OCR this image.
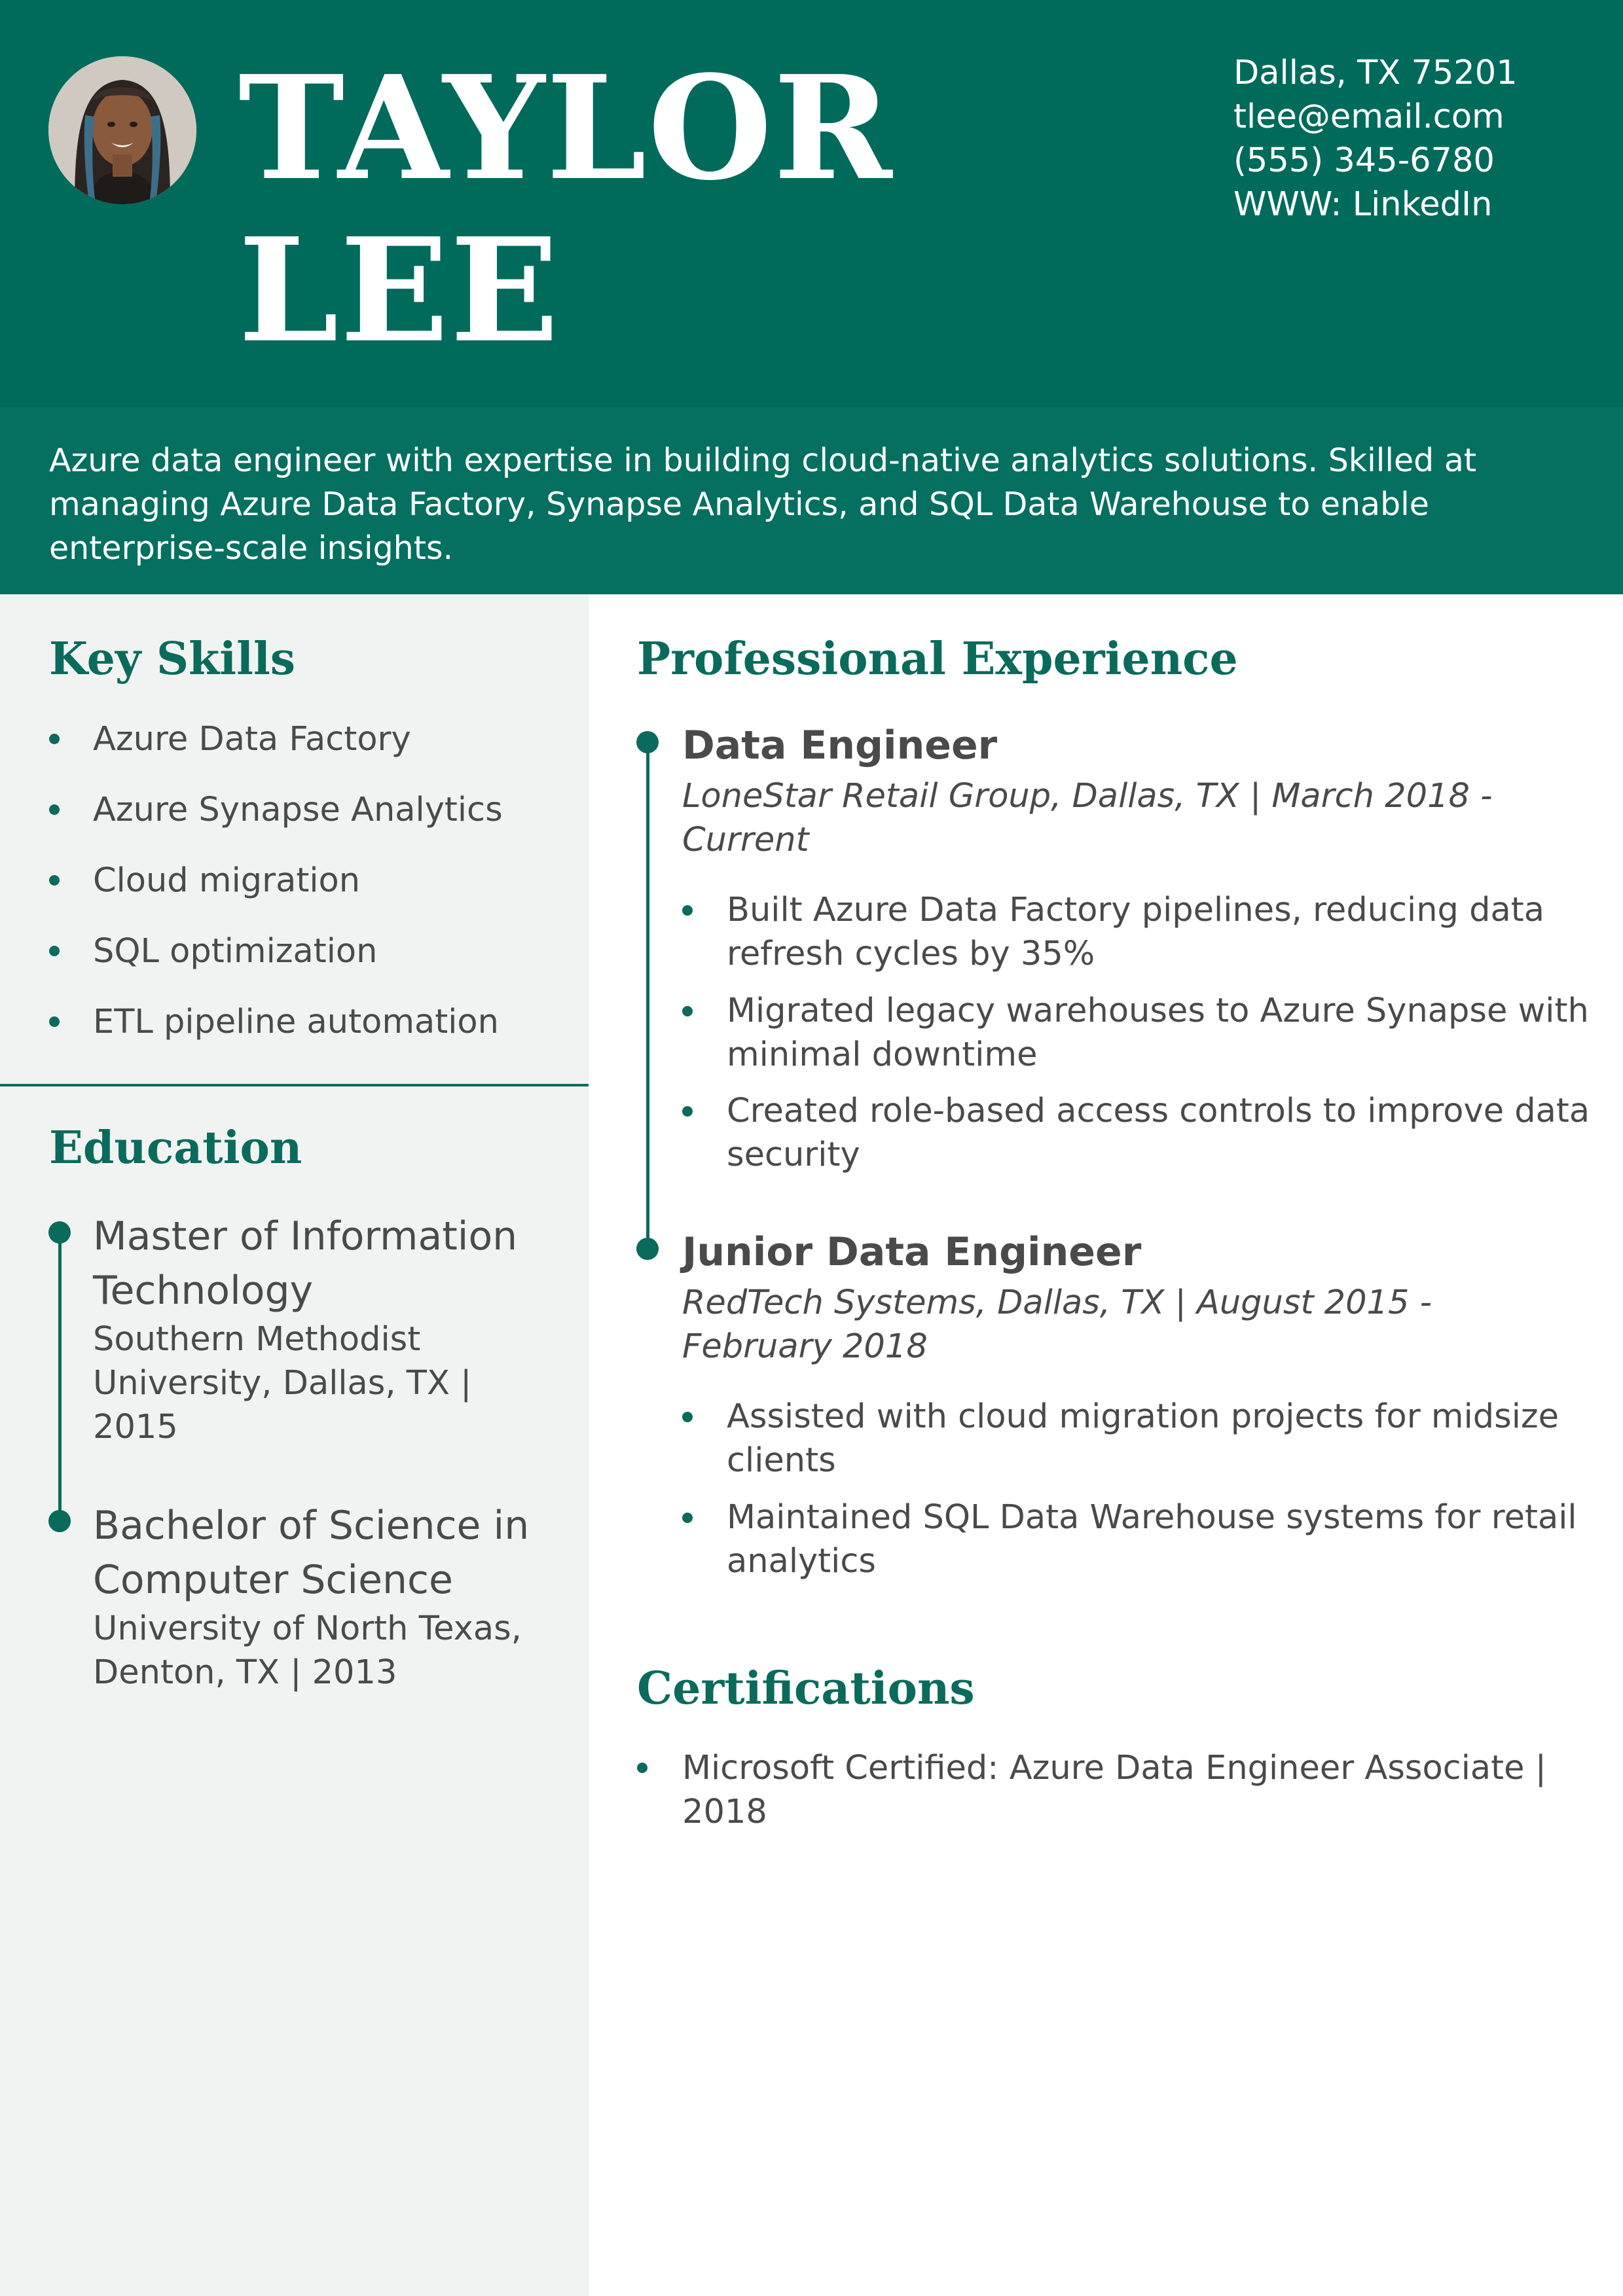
TAYLOR
LEE
Dallas, TX 75201
tlee@email.com
(555) 345-6780
WWW: LinkedIn

Azure data engineer with expertise in building cloud-native analytics solutions. Skilled at managing Azure Data Factory, Synapse Analytics, and SQL Data Warehouse to enable enterprise-scale insights.

Key Skills
Azure Data Factory
Azure Synapse Analytics
Cloud migration
SQL optimization
ETL pipeline automation
Education
Master of Information Technology
Southern Methodist University, Dallas, TX | 2015
Bachelor of Science in Computer Science
University of North Texas, Denton, TX | 2013
Professional Experience
Data Engineer
LoneStar Retail Group, Dallas, TX | March 2018 - Current
Built Azure Data Factory pipelines, reducing data refresh cycles by 35%
Migrated legacy warehouses to Azure Synapse with minimal downtime
Created role-based access controls to improve data security
Junior Data Engineer
RedTech Systems, Dallas, TX | August 2015 - February 2018
Assisted with cloud migration projects for midsize clients
Maintained SQL Data Warehouse systems for retail analytics
Certifications
Microsoft Certified: Azure Data Engineer Associate | 2018
